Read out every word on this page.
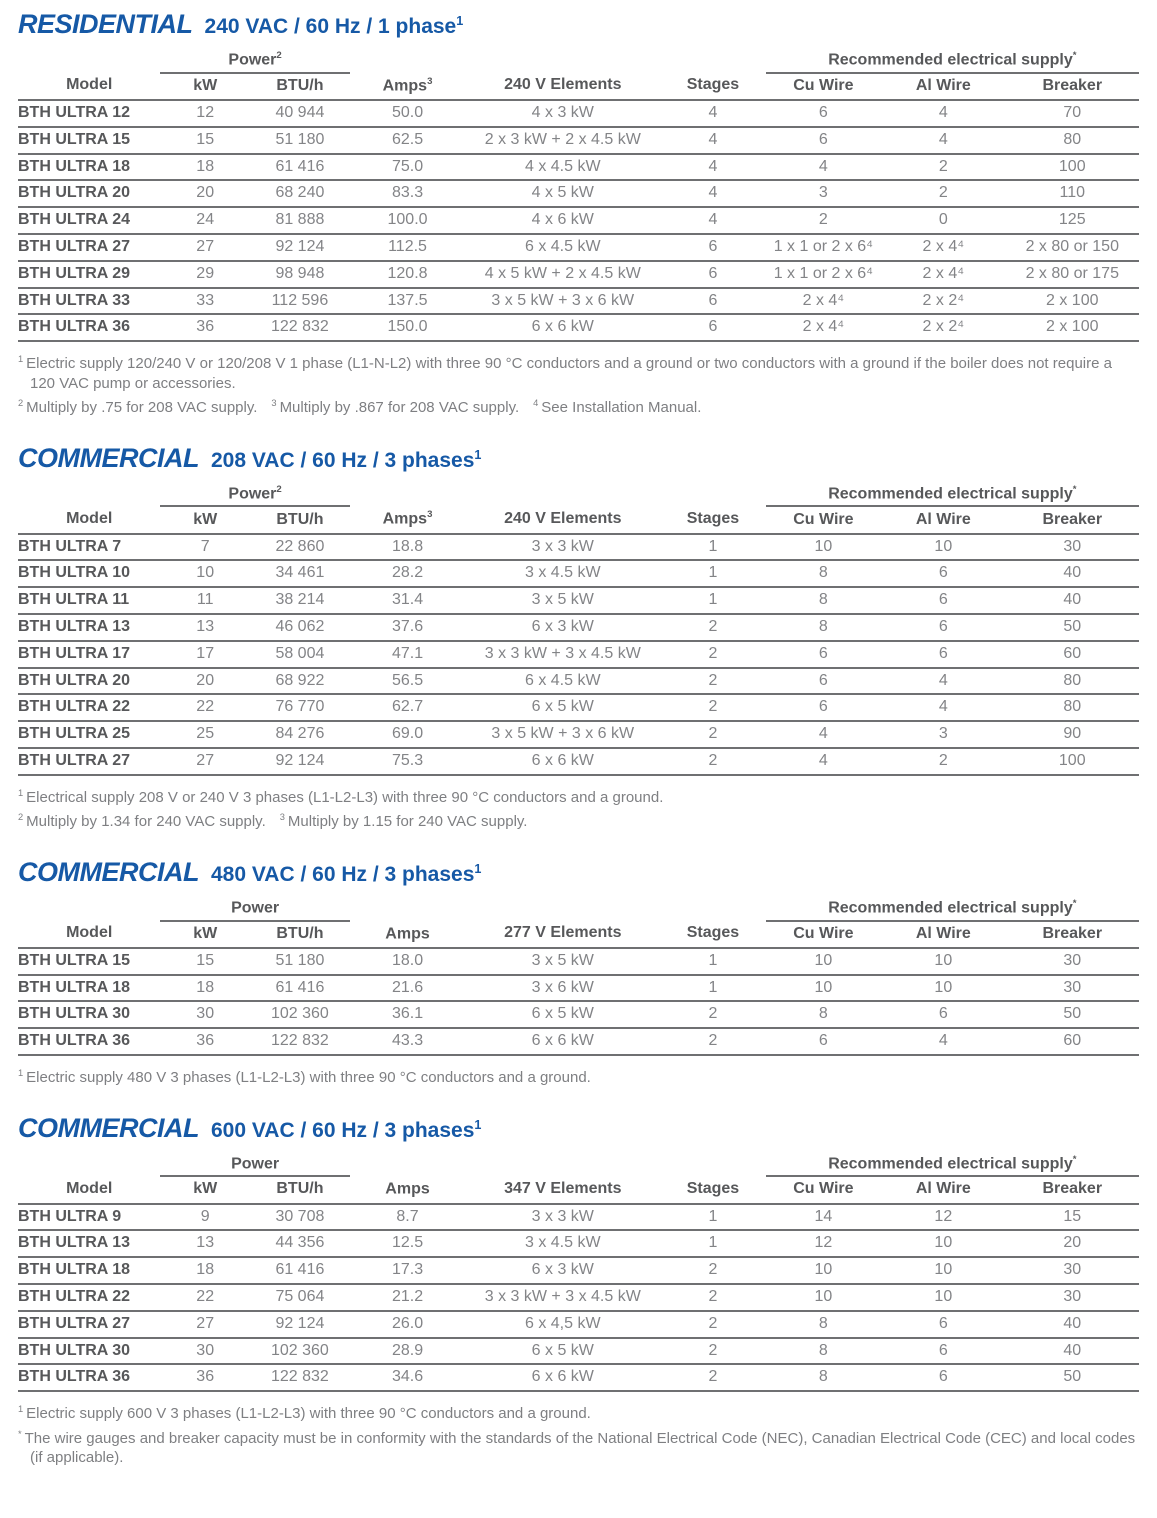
RESIDENTIAL 240 VAC / 60 Hz / 1 phase$^1$
	Power$^2$					Recommended electrical supply*
Model	kW	BTU/h	Amps$^3$	240 V Elements	Stages	Cu Wire	Al Wire	Breaker
BTH ULTRA 12	12	40 944	50.0	4 x 3 kW	4	6	4	70
BTH ULTRA 15	15	51 180	62.5	2 x 3 kW + 2 x 4.5 kW	4	6	4	80
BTH ULTRA 18	18	61 416	75.0	4 x 4.5 kW	4	4	2	100
BTH ULTRA 20	20	68 240	83.3	4 x 5 kW	4	3	2	110
BTH ULTRA 24	24	81 888	100.0	4 x 6 kW	4	2	0	125
BTH ULTRA 27	27	92 124	112.5	6 x 4.5 kW	6	1 x 1 or 2 x 6⁴	2 x 4⁴	2 x 80 or 150
BTH ULTRA 29	29	98 948	120.8	4 x 5 kW + 2 x 4.5 kW	6	1 x 1 or 2 x 6⁴	2 x 4⁴	2 x 80 or 175
BTH ULTRA 33	33	112 596	137.5	3 x 5 kW + 3 x 6 kW	6	2 x 4⁴	2 x 2⁴	2 x 100
BTH ULTRA 36	36	122 832	150.0	6 x 6 kW	6	2 x 4⁴	2 x 2⁴	2 x 100
$^1$ Electric supply 120/240 V or 120/208 V 1 phase (L1-N-L2) with three 90 °C conductors and a ground or two conductors with a ground if the boiler does not require a 120 VAC pump or accessories.
$^2$ Multiply by .75 for 208 VAC supply. $^3$ Multiply by .867 for 208 VAC supply. $^4$ See Installation Manual.
COMMERCIAL 208 VAC / 60 Hz / 3 phases$^1$
	Power$^2$					Recommended electrical supply*
Model	kW	BTU/h	Amps$^3$	240 V Elements	Stages	Cu Wire	Al Wire	Breaker
BTH ULTRA 7	7	22 860	18.8	3 x 3 kW	1	10	10	30
BTH ULTRA 10	10	34 461	28.2	3 x 4.5 kW	1	8	6	40
BTH ULTRA 11	11	38 214	31.4	3 x 5 kW	1	8	6	40
BTH ULTRA 13	13	46 062	37.6	6 x 3 kW	2	8	6	50
BTH ULTRA 17	17	58 004	47.1	3 x 3 kW + 3 x 4.5 kW	2	6	6	60
BTH ULTRA 20	20	68 922	56.5	6 x 4.5 kW	2	6	4	80
BTH ULTRA 22	22	76 770	62.7	6 x 5 kW	2	6	4	80
BTH ULTRA 25	25	84 276	69.0	3 x 5 kW + 3 x 6 kW	2	4	3	90
BTH ULTRA 27	27	92 124	75.3	6 x 6 kW	2	4	2	100
$^1$ Electrical supply 208 V or 240 V 3 phases (L1-L2-L3) with three 90 °C conductors and a ground.
$^2$ Multiply by 1.34 for 240 VAC supply. $^3$ Multiply by 1.15 for 240 VAC supply.
COMMERCIAL 480 VAC / 60 Hz / 3 phases$^1$
	Power					Recommended electrical supply*
Model	kW	BTU/h	Amps	277 V Elements	Stages	Cu Wire	Al Wire	Breaker
BTH ULTRA 15	15	51 180	18.0	3 x 5 kW	1	10	10	30
BTH ULTRA 18	18	61 416	21.6	3 x 6 kW	1	10	10	30
BTH ULTRA 30	30	102 360	36.1	6 x 5 kW	2	8	6	50
BTH ULTRA 36	36	122 832	43.3	6 x 6 kW	2	6	4	60
$^1$ Electric supply 480 V 3 phases (L1-L2-L3) with three 90 °C conductors and a ground.
COMMERCIAL 600 VAC / 60 Hz / 3 phases$^1$
	Power					Recommended electrical supply*
Model	kW	BTU/h	Amps	347 V Elements	Stages	Cu Wire	Al Wire	Breaker
BTH ULTRA 9	9	30 708	8.7	3 x 3 kW	1	14	12	15
BTH ULTRA 13	13	44 356	12.5	3 x 4.5 kW	1	12	10	20
BTH ULTRA 18	18	61 416	17.3	6 x 3 kW	2	10	10	30
BTH ULTRA 22	22	75 064	21.2	3 x 3 kW + 3 x 4.5 kW	2	10	10	30
BTH ULTRA 27	27	92 124	26.0	6 x 4,5 kW	2	8	6	40
BTH ULTRA 30	30	102 360	28.9	6 x 5 kW	2	8	6	40
BTH ULTRA 36	36	122 832	34.6	6 x 6 kW	2	8	6	50
$^1$ Electric supply 600 V 3 phases (L1-L2-L3) with three 90 °C conductors and a ground.
* The wire gauges and breaker capacity must be in conformity with the standards of the National Electrical Code (NEC), Canadian Electrical Code (CEC) and local codes (if applicable).
